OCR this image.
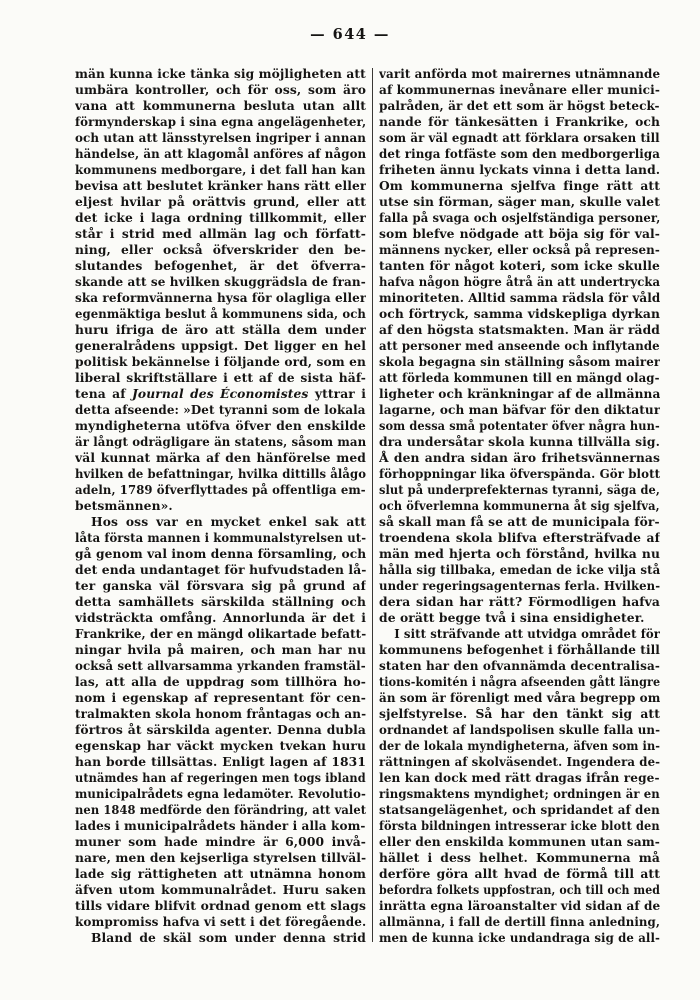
— 644 —
män kunna icke tänka sig möjligheten att
umbära kontroller, och för oss, som äro
vana att kommunerna besluta utan allt
förmynderskap i sina egna angelägenheter,
och utan att länsstyrelsen ingriper i annan
händelse, än att klagomål anföres af någon
kommunens medborgare, i det fall han kan
bevisa att beslutet kränker hans rätt eller
eljest hvilar på orättvis grund, eller att
det icke i laga ordning tillkommit, eller
står i strid med allmän lag och författ-
ning, eller också öfverskrider den be-
slutandes befogenhet, är det öfverra-
skande att se hvilken skuggrädsla de fran-
ska reformvännerna hysa för olagliga eller
egenmäktiga beslut å kommunens sida, och
huru ifriga de äro att ställa dem under
generalrådens uppsigt. Det ligger en hel
politisk bekännelse i följande ord, som en
liberal skriftställare i ett af de sista häf-
tena af Journal des Économistes yttrar i
detta afseende: »Det tyranni som de lokala
myndigheterna utöfva öfver den enskilde
är långt odrägligare än statens, såsom man
väl kunnat märka af den hänförelse med
hvilken de befattningar, hvilka dittills ålågo
adeln, 1789 öfverflyttades på offentliga em-
betsmännen».
Hos oss var en mycket enkel sak att
låta första mannen i kommunalstyrelsen ut-
gå genom val inom denna församling, och
det enda undantaget för hufvudstaden lå-
ter ganska väl försvara sig på grund af
detta samhällets särskilda ställning och
vidsträckta omfång. Annorlunda är det i
Frankrike, der en mängd olikartade befatt-
ningar hvila på mairen, och man har nu
också sett allvarsamma yrkanden framstäl-
las, att alla de uppdrag som tillhöra ho-
nom i egenskap af representant för cen-
tralmakten skola honom fråntagas och an-
förtros åt särskilda agenter. Denna dubla
egenskap har väckt mycken tvekan huru
han borde tillsättas. Enligt lagen af 1831
utnämdes han af regeringen men togs ibland
municipalrådets egna ledamöter. Revolutio-
nen 1848 medförde den förändring, att valet
lades i municipalrådets händer i alla kom-
muner som hade mindre är 6,000 invå-
nare, men den kejserliga styrelsen tillväl-
lade sig rättigheten att utnämna honom
äfven utom kommunalrådet. Huru saken
tills vidare blifvit ordnad genom ett slags
kompromiss hafva vi sett i det föregående.
Bland de skäl som under denna strid
varit anförda mot mairernes utnämnande
af kommunernas inevånare eller munici-
palråden, är det ett som är högst beteck-
nande för tänkesätten i Frankrike, och
som är väl egnadt att förklara orsaken till
det ringa fotfäste som den medborgerliga
friheten ännu lyckats vinna i detta land.
Om kommunerna sjelfva finge rätt att
utse sin förman, säger man, skulle valet
falla på svaga och osjelfständiga personer,
som blefve nödgade att böja sig för val-
männens nycker, eller också på represen-
tanten för något koteri, som icke skulle
hafva någon högre åtrå än att undertrycka
minoriteten. Alltid samma rädsla för våld
och förtryck, samma vidskepliga dyrkan
af den högsta statsmakten. Man är rädd
att personer med anseende och inflytande
skola begagna sin ställning såsom mairer
att förleda kommunen till en mängd olag-
ligheter och kränkningar af de allmänna
lagarne, och man bäfvar för den diktatur
som dessa små potentater öfver några hun-
dra undersåtar skola kunna tillvälla sig.
Å den andra sidan äro frihetsvännernas
förhoppningar lika öfverspända. Gör blott
slut på underprefekternas tyranni, säga de,
och öfverlemna kommunerna åt sig sjelfva,
så skall man få se att de municipala för-
troendena skola blifva eftersträfvade af
män med hjerta och förstånd, hvilka nu
hålla sig tillbaka, emedan de icke vilja stå
under regeringsagenternas ferla. Hvilken-
dera sidan har rätt? Förmodligen hafva
de orätt begge två i sina ensidigheter.
I sitt sträfvande att utvidga området för
kommunens befogenhet i förhållande till
staten har den ofvannämda decentralisa-
tions-komitén i några afseenden gått längre
än som är förenligt med våra begrepp om
sjelfstyrelse. Så har den tänkt sig att
ordnandet af landspolisen skulle falla un-
der de lokala myndigheterna, äfven som in-
rättningen af skolväsendet. Ingendera de-
len kan dock med rätt dragas ifrån rege-
ringsmaktens myndighet; ordningen är en
statsangelägenhet, och spridandet af den
första bildningen intresserar icke blott den
eller den enskilda kommunen utan sam-
hället i dess helhet. Kommunerna må
derföre göra allt hvad de förmå till att
befordra folkets uppfostran, och till och med
inrätta egna läroanstalter vid sidan af de
allmänna, i fall de dertill finna anledning,
men de kunna icke undandraga sig de all-
